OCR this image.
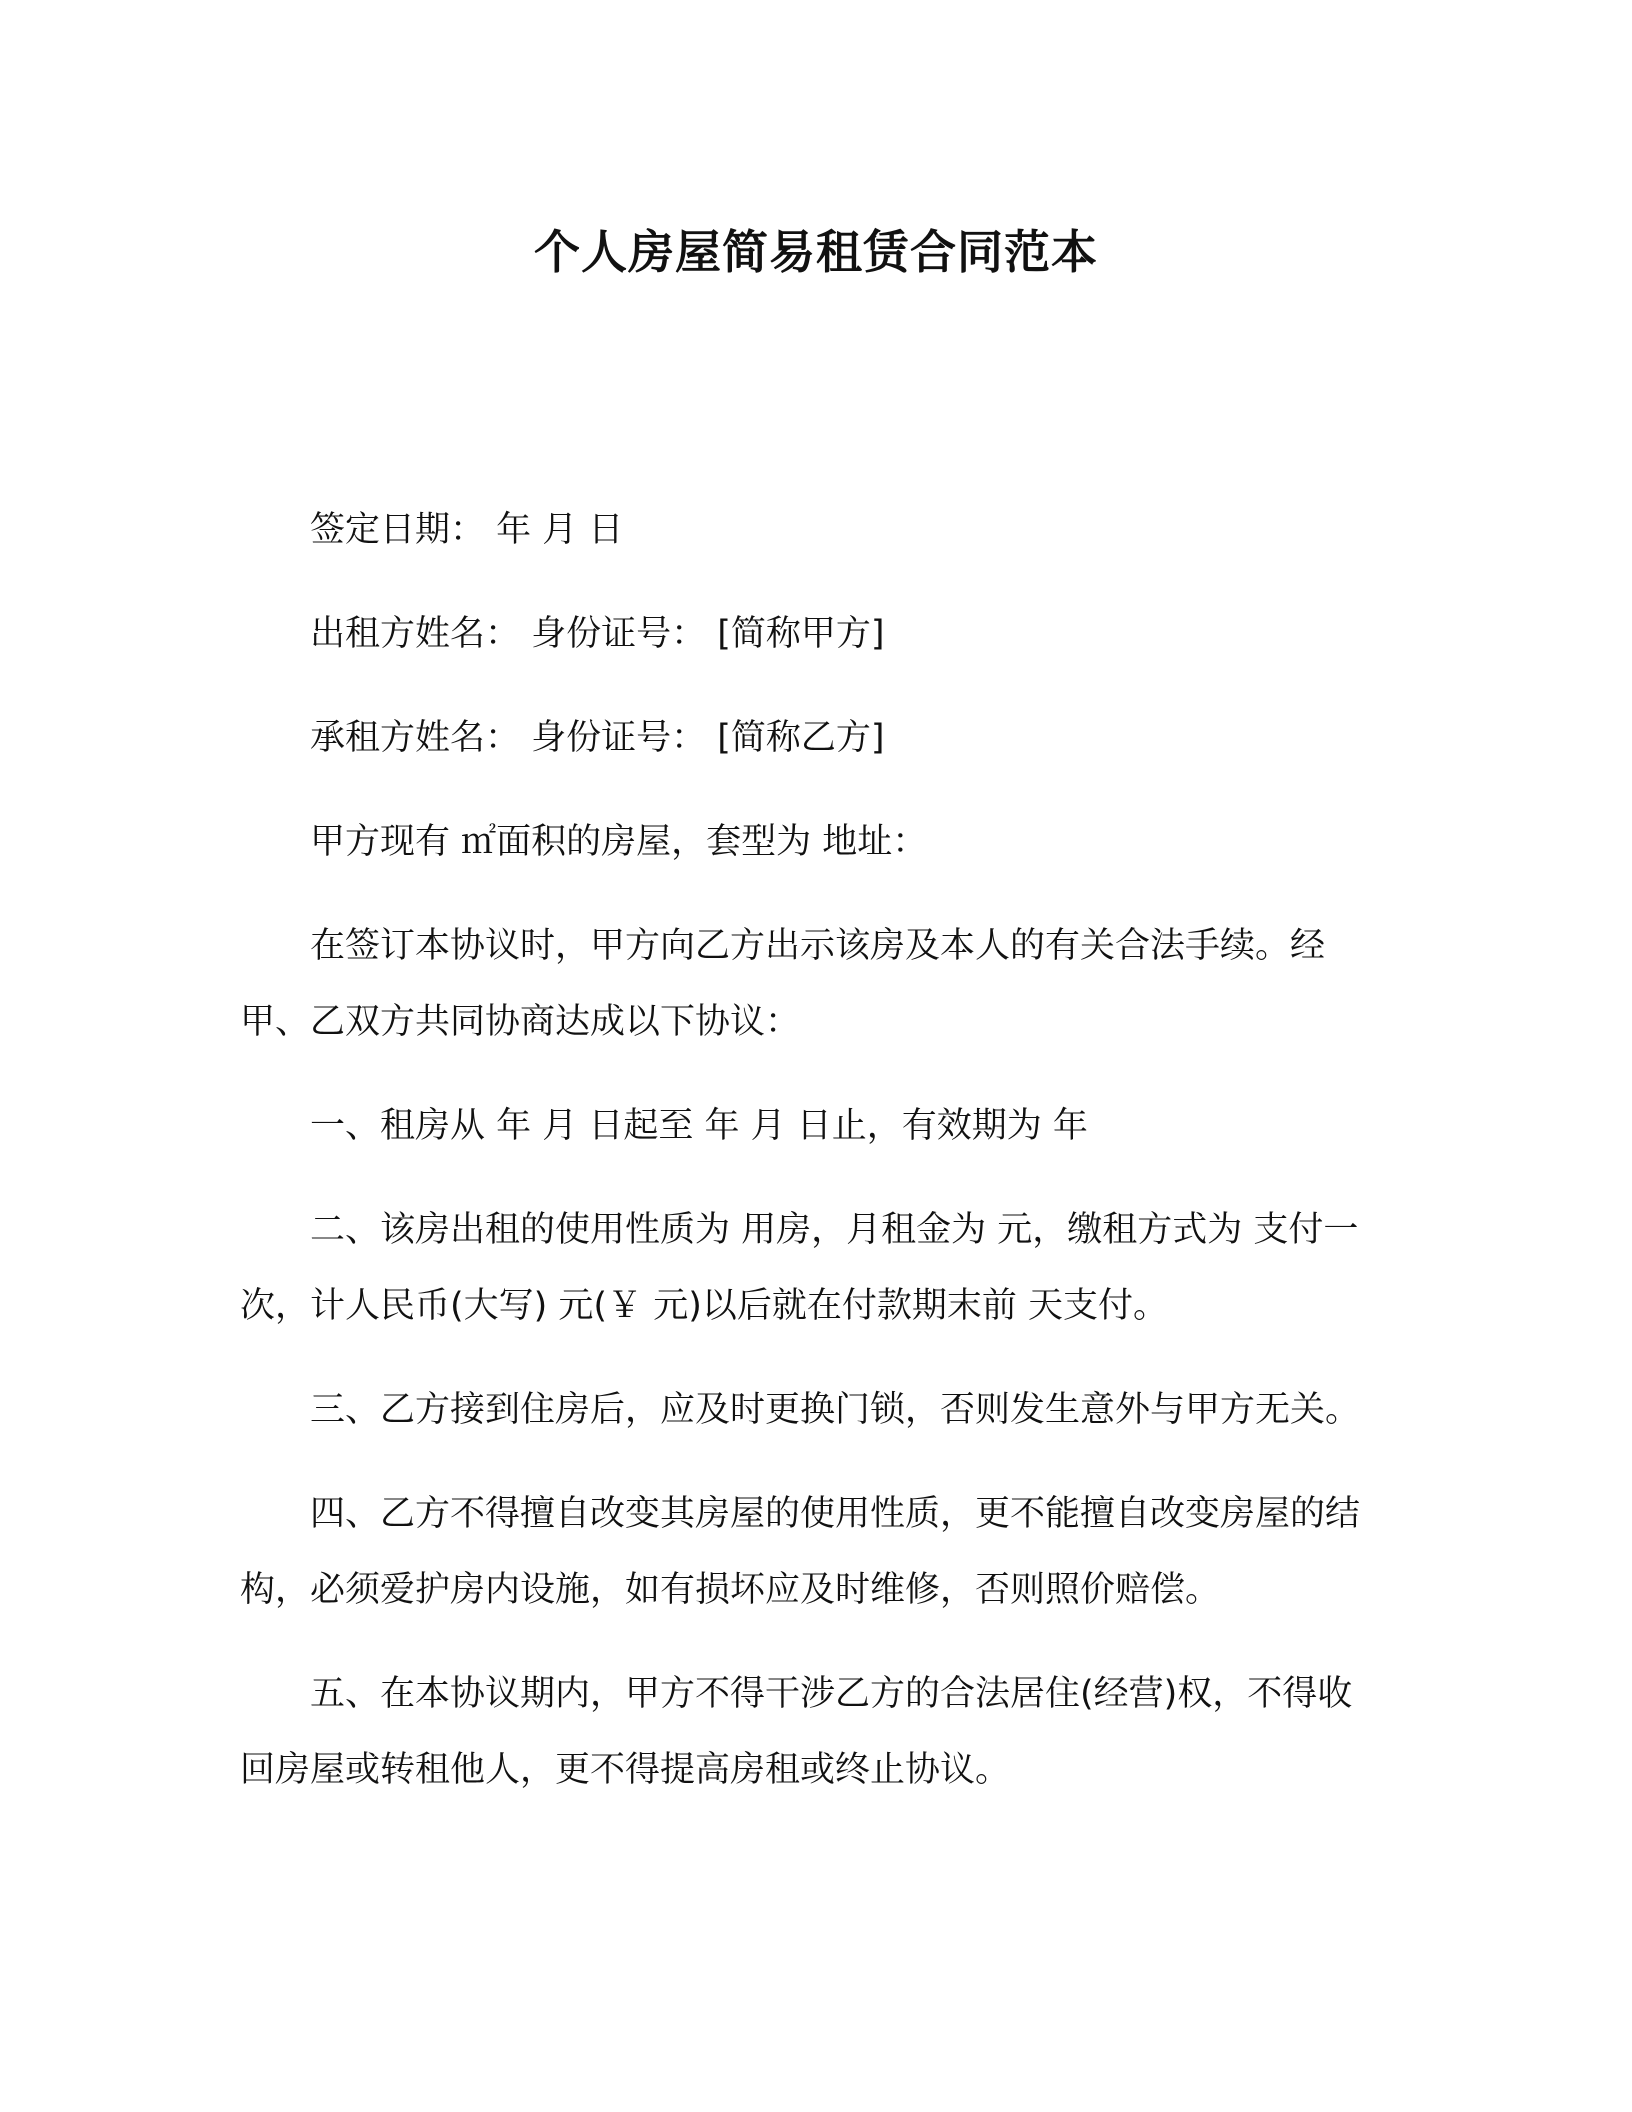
个人房屋简易租赁合同范本

签定日期： 年 月 日

出租方姓名： 身份证号： [简称甲方]

承租方姓名： 身份证号： [简称乙方]

甲方现有 ㎡面积的房屋，套型为 地址：

在签订本协议时，甲方向乙方出示该房及本人的有关合法手续。经甲、乙双方共同协商达成以下协议：

一、租房从 年 月 日起至 年 月 日止，有效期为 年

二、该房出租的使用性质为 用房，月租金为 元，缴租方式为 支付一次，计人民币(大写) 元(￥ 元)以后就在付款期末前 天支付。

三、乙方接到住房后，应及时更换门锁，否则发生意外与甲方无关。

四、乙方不得擅自改变其房屋的使用性质，更不能擅自改变房屋的结构，必须爱护房内设施，如有损坏应及时维修，否则照价赔偿。

五、在本协议期内，甲方不得干涉乙方的合法居住(经营)权，不得收回房屋或转租他人，更不得提高房租或终止协议。
